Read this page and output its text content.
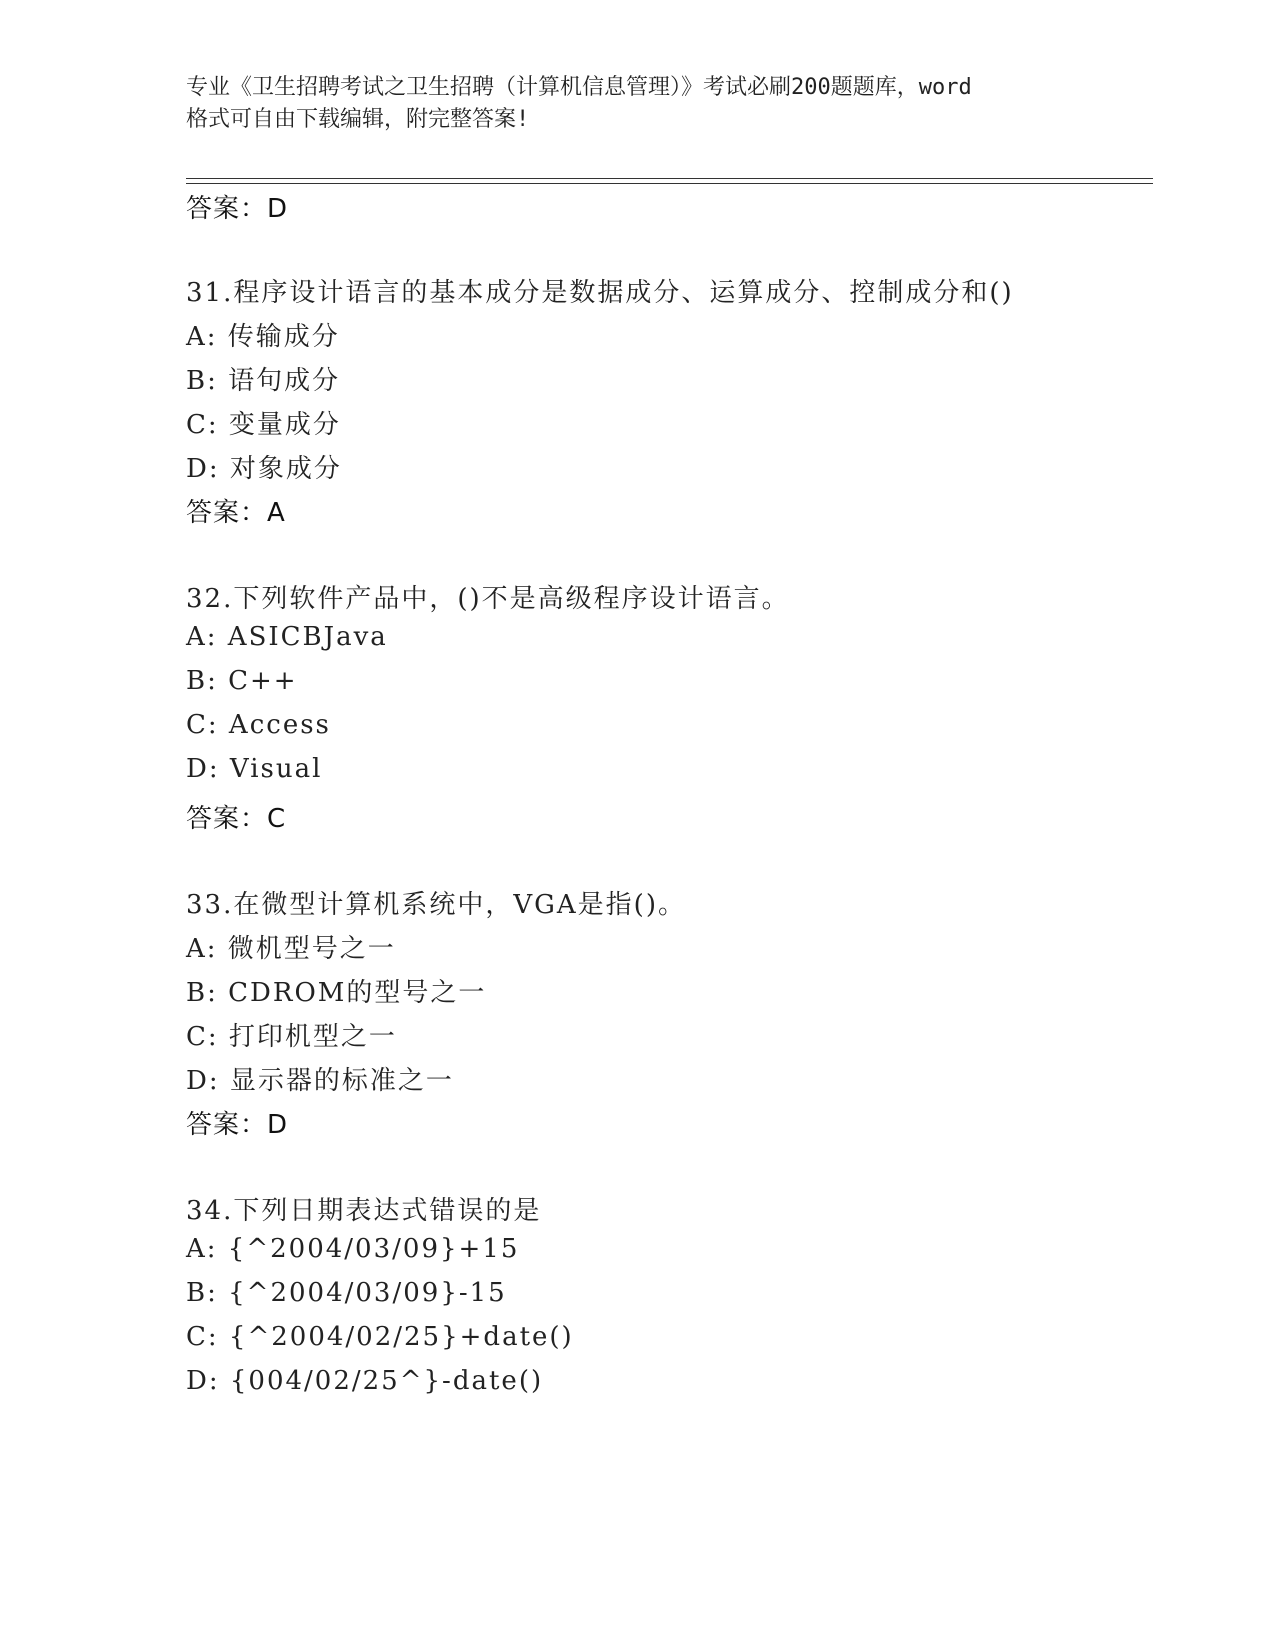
专业《卫生招聘考试之卫生招聘（计算机信息管理）》考试必刷200题题库，word
格式可自由下载编辑，附完整答案!
答案：D
31.程序设计语言的基本成分是数据成分、运算成分、控制成分和()
A: 传输成分
B: 语句成分
C: 变量成分
D: 对象成分
答案：A
32.下列软件产品中，()不是高级程序设计语言。
A: ASICBJava
B: C++
C: Access
D: Visual
答案：C
33.在微型计算机系统中，VGA是指()。
A: 微机型号之一
B: CDROM的型号之一
C: 打印机型之一
D: 显示器的标准之一
答案：D
34.下列日期表达式错误的是
A: {^2004/03/09}+15
B: {^2004/03/09}-15
C: {^2004/02/25}+date()
D: {004/02/25^}-date()
